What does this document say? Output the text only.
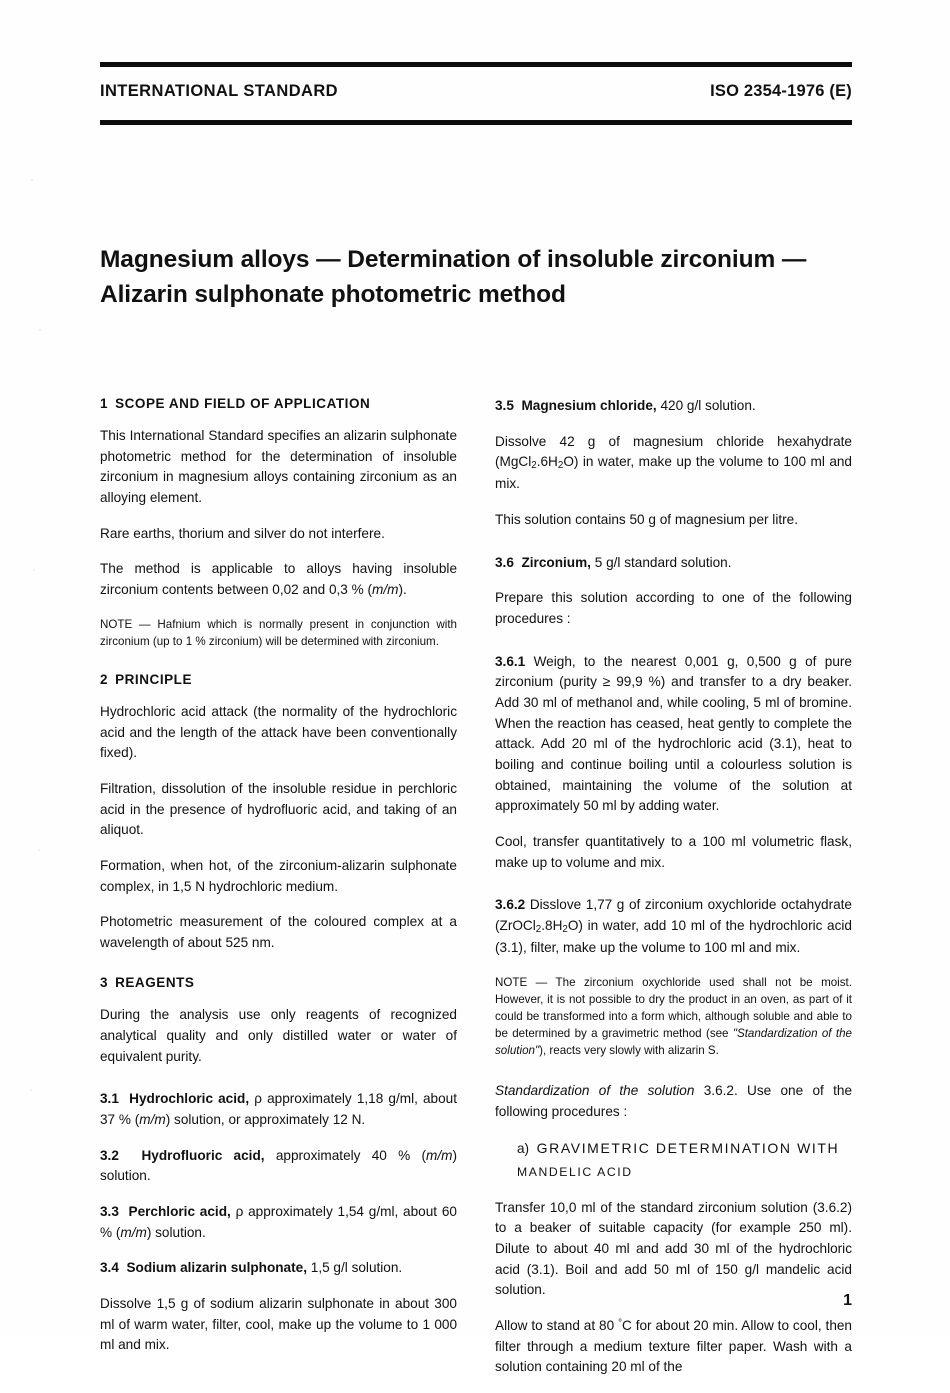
INTERNATIONAL STANDARD	ISO 2354-1976 (E)
Magnesium alloys — Determination of insoluble zirconium —
Alizarin sulphonate photometric method
1 SCOPE AND FIELD OF APPLICATION

This International Standard specifies an alizarin sulphonate photometric method for the determination of insoluble zirconium in magnesium alloys containing zirconium as an alloying element.

Rare earths, thorium and silver do not interfere.

The method is applicable to alloys having insoluble zirconium contents between 0,02 and 0,3 % (m/m).

NOTE — Hafnium which is normally present in conjunction with zirconium (up to 1 % zirconium) will be determined with zirconium.

2 PRINCIPLE

Hydrochloric acid attack (the normality of the hydrochloric acid and the length of the attack have been conventionally fixed).

Filtration, dissolution of the insoluble residue in perchloric acid in the presence of hydrofluoric acid, and taking of an aliquot.

Formation, when hot, of the zirconium-alizarin sulphonate complex, in 1,5 N hydrochloric medium.

Photometric measurement of the coloured complex at a wavelength of about 525 nm.

3 REAGENTS

During the analysis use only reagents of recognized analytical quality and only distilled water or water of equivalent purity.

3.1 Hydrochloric acid, ρ approximately 1,18 g/ml, about 37 % (m/m) solution, or approximately 12 N.

3.2 Hydrofluoric acid, approximately 40 % (m/m) solution.

3.3 Perchloric acid, ρ approximately 1,54 g/ml, about 60 % (m/m) solution.

3.4 Sodium alizarin sulphonate, 1,5 g/l solution.

Dissolve 1,5 g of sodium alizarin sulphonate in about 300 ml of warm water, filter, cool, make up the volume to 1 000 ml and mix.

3.5 Magnesium chloride, 420 g/l solution.

Dissolve 42 g of magnesium chloride hexahydrate $(MgCl_2.6H_2O)$ in water, make up the volume to 100 ml and mix.

This solution contains 50 g of magnesium per litre.

3.6 Zirconium, 5 g/l standard solution.

Prepare this solution according to one of the following procedures :

3.6.1 Weigh, to the nearest 0,001 g, 0,500 g of pure zirconium (purity ≥ 99,9 %) and transfer to a dry beaker. Add 30 ml of methanol and, while cooling, 5 ml of bromine. When the reaction has ceased, heat gently to complete the attack. Add 20 ml of the hydrochloric acid (3.1), heat to boiling and continue boiling until a colourless solution is obtained, maintaining the volume of the solution at approximately 50 ml by adding water.

Cool, transfer quantitatively to a 100 ml volumetric flask, make up to volume and mix.

3.6.2 Disslove 1,77 g of zirconium oxychloride octahydrate $(ZrOCl_2.8H_2O)$ in water, add 10 ml of the hydrochloric acid (3.1), filter, make up the volume to 100 ml and mix.

NOTE — The zirconium oxychloride used shall not be moist. However, it is not possible to dry the product in an oven, as part of it could be transformed into a form which, although soluble and able to be determined by a gravimetric method (see "Standardization of the solution"), reacts very slowly with alizarin S.

Standardization of the solution 3.6.2. Use one of the following procedures :

a) GRAVIMETRIC DETERMINATION WITH

MANDELIC ACID

Transfer 10,0 ml of the standard zirconium solution (3.6.2) to a beaker of suitable capacity (for example 250 ml). Dilute to about 40 ml and add 30 ml of the hydrochloric acid (3.1). Boil and add 50 ml of 150 g/l mandelic acid solution.

Allow to stand at 80 °C for about 20 min. Allow to cool, then filter through a medium texture filter paper. Wash with a solution containing 20 ml of the

1
